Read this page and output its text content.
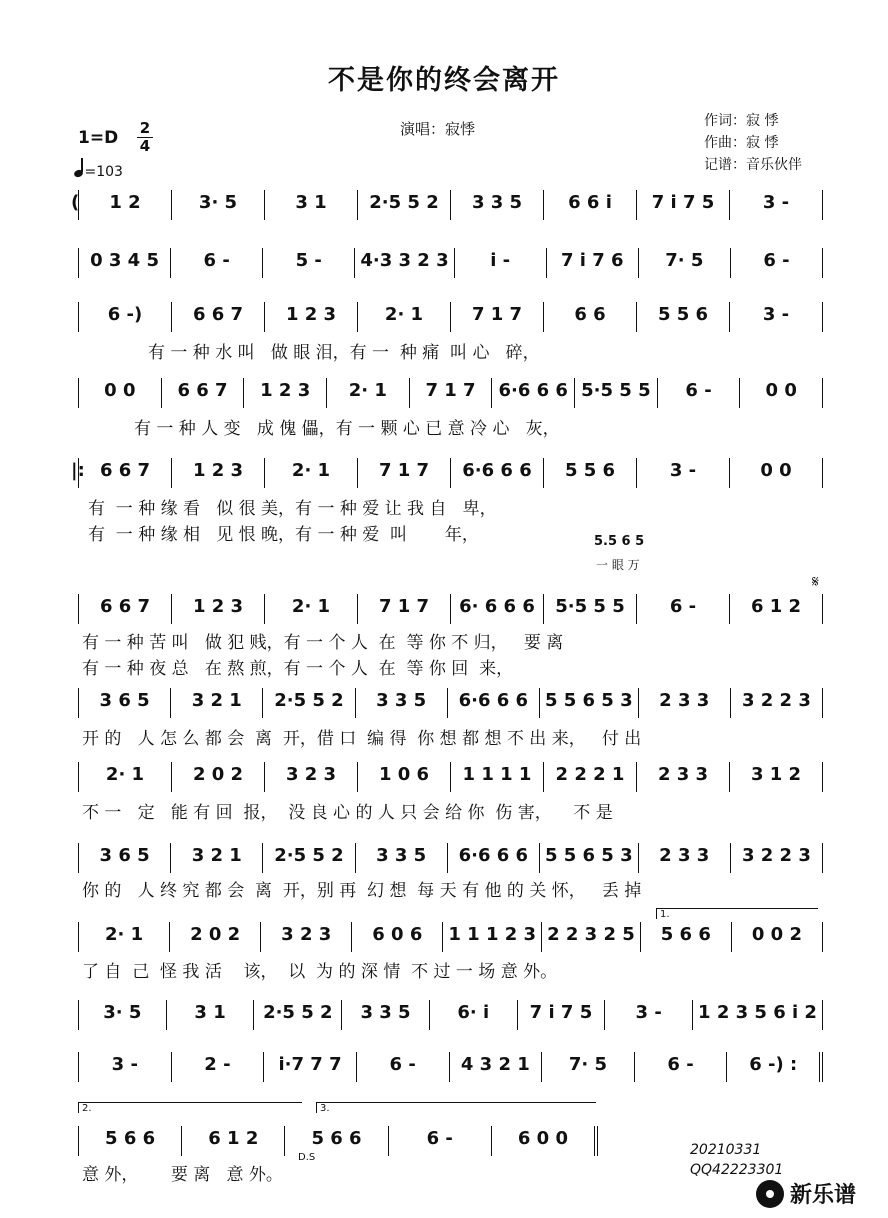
不是你的终会离开
演唱：寂悸	作词：寂 悸
作曲：寂 悸
记谱：音乐伙伴
1=D 2
4
=103
1 2	3· 5	3 1 2·5 5 2 3 3 5	6 6 i 7 i 7 5	3 -
(
0 3 4 5 6 -	5 - 4·3 3 2 3 i -	7 i 7 6 7· 5	6 -
6 -)	6 6 7 1 2 3	2· 1	7 1 7	6 6	5 5 6	3 -
0 0 6 6 7 1 2 3 2· 1 7 1 7 6·6 6 6 5·5 5 5 6 -	0 0
6 6 7 1 2 3	2· 1	7 1 7 6·6 6 6 5 5 6	3 -	0 0
|:
6 6 7 1 2 3	2· 1	7 1 7 6· 6 6 6 5·5 5 5	6 -	6 1 2
3 6 5 3 2 1 2·5 5 2 3 3 5 6·6 6 6 5 5 6 5 3 2 3 3 3 2 2 3
2· 1	2 0 2 3 2 3 1 0 6 1 1 1 1 2 2 2 1 2 3 3 3 1 2
3 6 5 3 2 1 2·5 5 2 3 3 5 6·6 6 6 5 5 6 5 3 2 3 3 3 2 2 3
2· 1	2 0 2 3 2 3 6 0 6 1 1 1 2 3 2 2 3 2 5 5 6 6 0 0 2
3· 5	3 1 2·5 5 2 3 3 5	6· i 7 i 7 5 3 - 1 2 3 5 6 i 2
3 -	2 -	i·7 7 7	6 -	4 3 2 1 7· 5	6 -	6 -) :
5 6 6	6 1 2	5 6 6	6 -	6 0 0
有 一 种 水 叫   做 眼 泪，有 一  种 痛  叫 心   碎，
有 一 种 人 变   成 傀 儡，有 一 颗 心 已 意 冷 心   灰，
有  一 种 缘 看   似 很 美，有 一 种 爱 让 我 自   卑，
有  一 种 缘 相   见 恨 晚，有 一 种 爱  叫       年，
有 一 种 苦 叫   做 犯 贱，有 一 个 人  在  等 你 不 归，   要 离
有 一 种 夜 总   在 熬 煎，有 一 个 人  在  等 你 回  来，
开 的   人 怎 么 都 会  离  开，借 口  编 得  你 想 都 想 不 出 来，   付 出
不 一   定   能 有 回  报，  没 良 心 的 人 只 会 给 你  伤 害，    不 是
你 的   人 终 究 都 会  离  开，别 再  幻 想  每 天 有 他 的 关 怀，   丢 掉
了 自  己  怪 我 活    该，  以  为 的 深 情  不 过 一 场 意 外。
意 外，      要 离   意 外。
5.5 6 5
一 眼 万
𝄋
1.
2.	3.
D.S	20210331
QQ42223301
新乐谱
